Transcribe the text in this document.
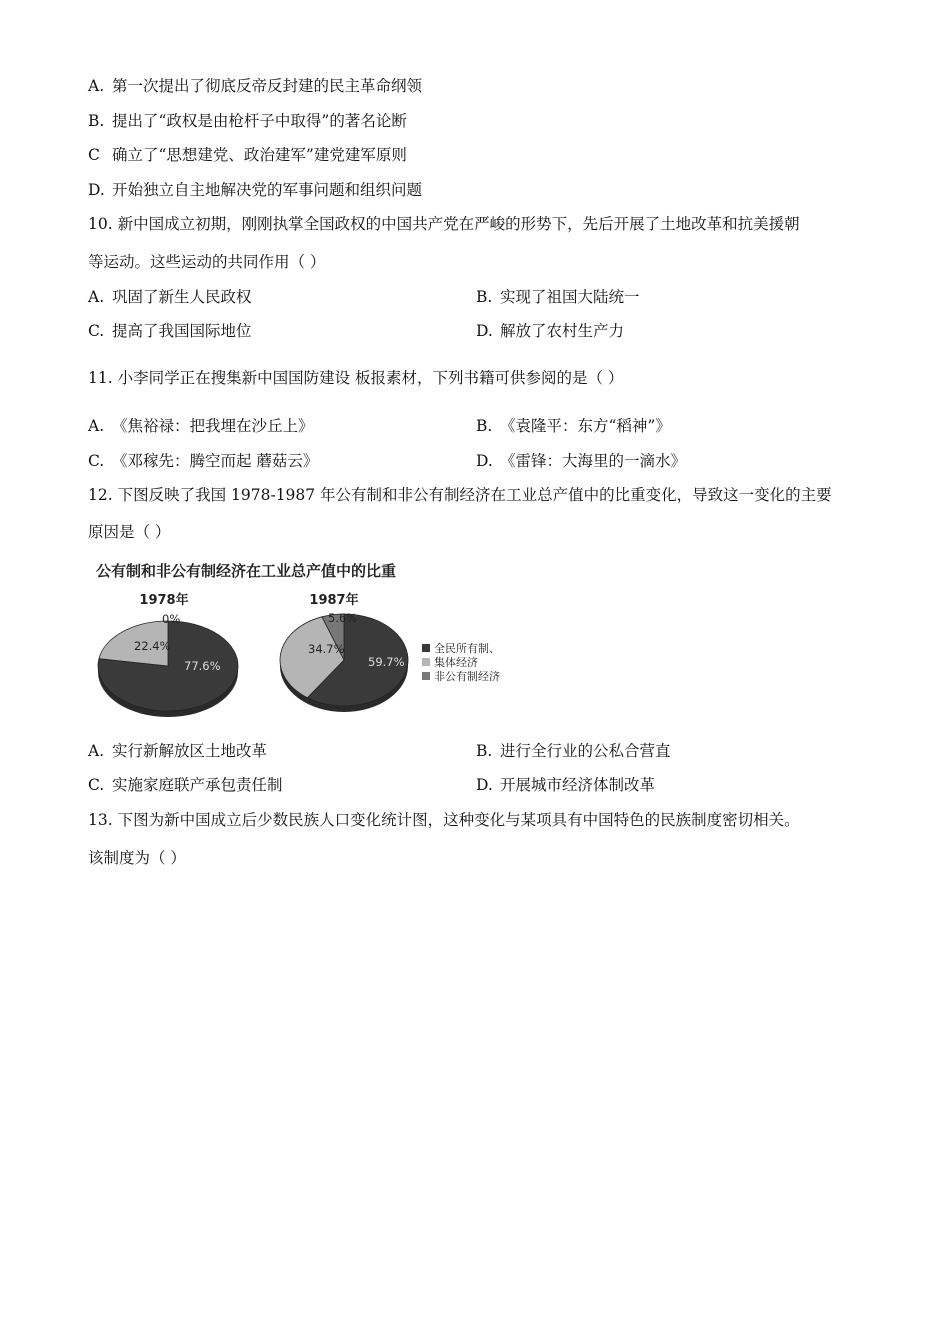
A. 第一次提出了彻底反帝反封建的民主革命纲领
B. 提出了“政权是由枪杆子中取得”的著名论断
C 确立了“思想建党、政治建军”建党建军原则
D. 开始独立自主地解决党的军事问题和组织问题
10. 新中国成立初期，刚刚执掌全国政权的中国共产党在严峻的形势下，先后开展了土地改革和抗美援朝
等运动。这些运动的共同作用（ ）
A. 巩固了新生人民政权	B. 实现了祖国大陆统一
C. 提高了我国国际地位	D. 解放了农村生产力
11. 小李同学正在搜集新中国国防建设 板报素材，下列书籍可供参阅的是（ ）
A. 《焦裕禄：把我埋在沙丘上》	B. 《袁隆平：东方“稻神”》
C. 《邓稼先：腾空而起 蘑菇云》	D. 《雷锋：大海里的一滴水》
12. 下图反映了我国 1978-1987 年公有制和非公有制经济在工业总产值中的比重变化，导致这一变化的主要
原因是（ ）
公有制和非公有制经济在工业总产值中的比重
1978年
77.6%
22.4%
0%
1987年
59.7%
34.7%
5.6%
全民所有制、
集体经济
非公有制经济
A. 实行新解放区土地改革	B. 进行全行业的公私合营直
C. 实施家庭联产承包责任制	D. 开展城市经济体制改革
13. 下图为新中国成立后少数民族人口变化统计图，这种变化与某项具有中国特色的民族制度密切相关。
该制度为（ ）
